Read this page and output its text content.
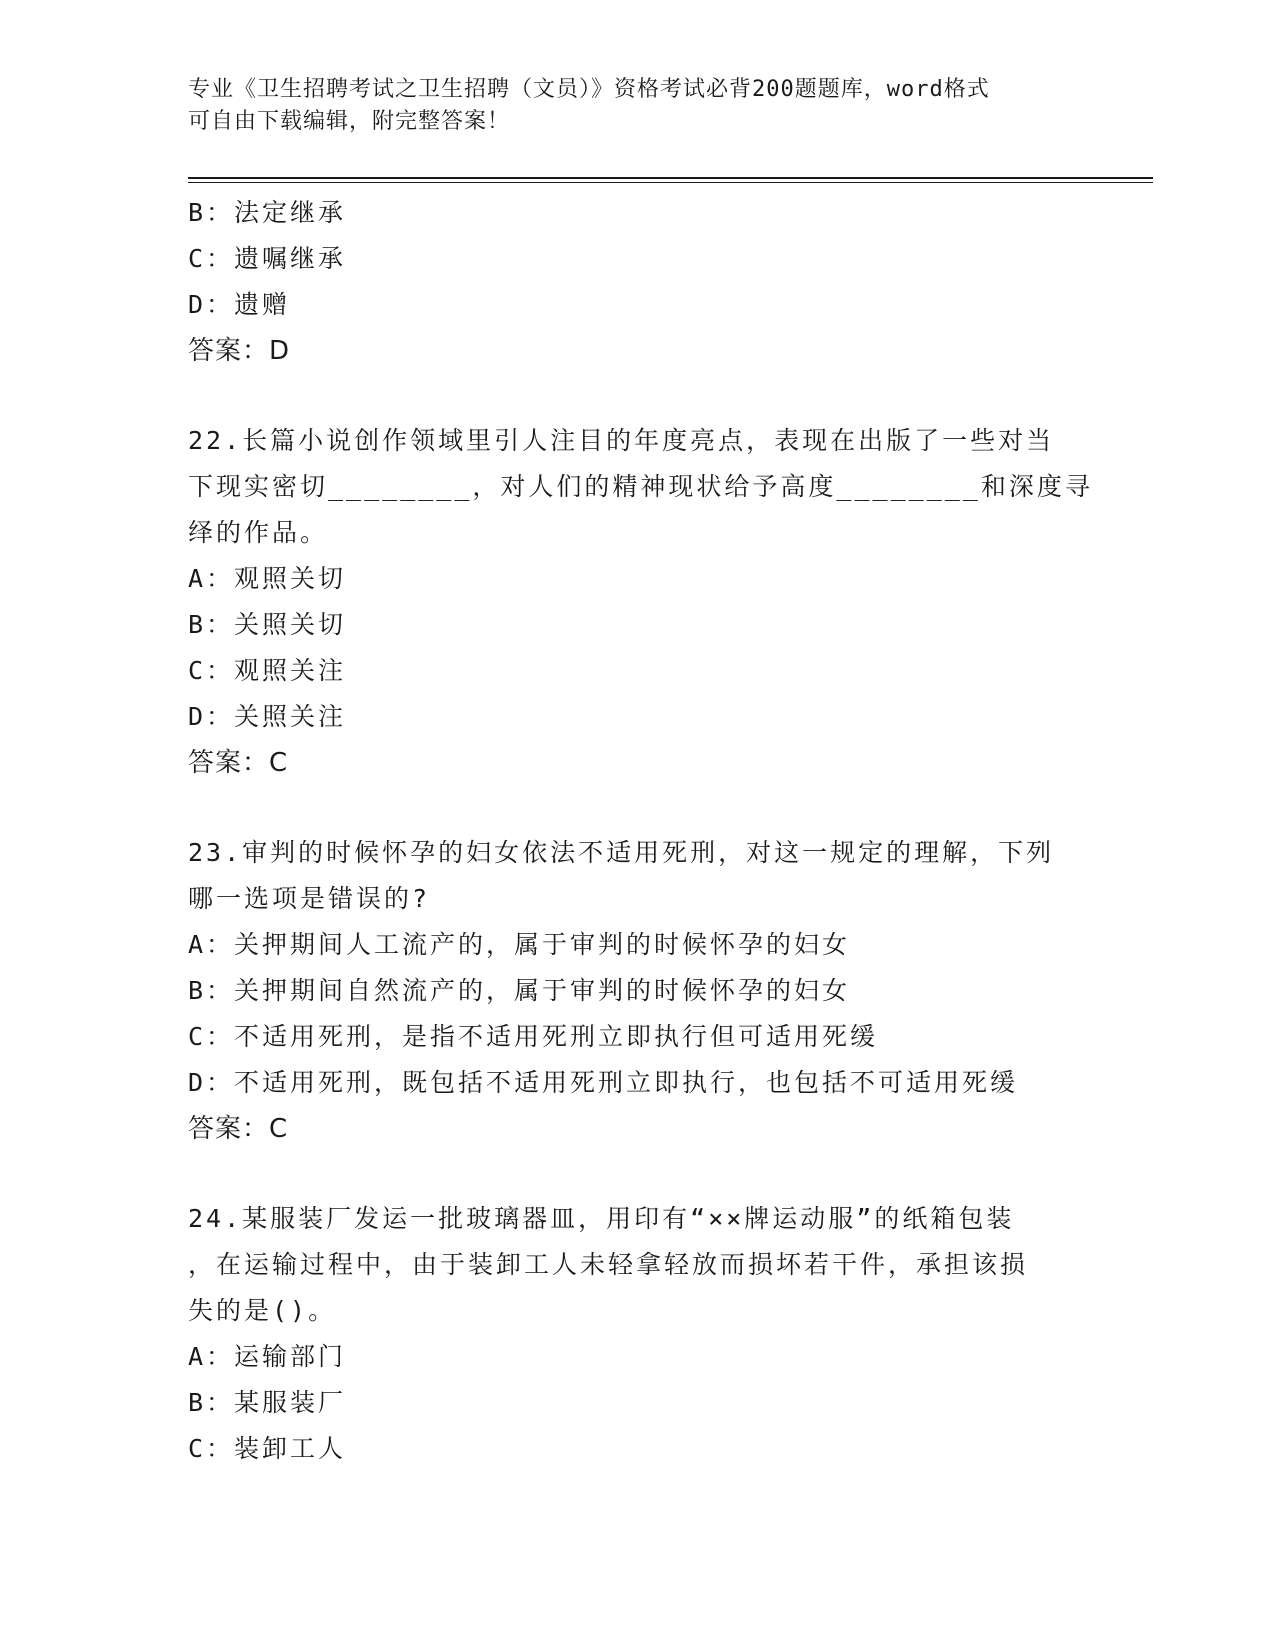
专业《卫生招聘考试之卫生招聘（文员）》资格考试必背200题题库，word格式
可自由下载编辑，附完整答案！
B：法定继承
C：遗嘱继承
D：遗赠
答案：D
22.长篇小说创作领域里引人注目的年度亮点，表现在出版了一些对当
下现实密切________，对人们的精神现状给予高度________和深度寻
绎的作品。
A：观照关切
B：关照关切
C：观照关注
D：关照关注
答案：C
23.审判的时候怀孕的妇女依法不适用死刑，对这一规定的理解，下列
哪一选项是错误的?
A：关押期间人工流产的，属于审判的时候怀孕的妇女
B：关押期间自然流产的，属于审判的时候怀孕的妇女
C：不适用死刑，是指不适用死刑立即执行但可适用死缓
D：不适用死刑，既包括不适用死刑立即执行，也包括不可适用死缓
答案：C
24.某服装厂发运一批玻璃器皿，用印有“××牌运动服”的纸箱包装
，在运输过程中，由于装卸工人未轻拿轻放而损坏若干件，承担该损
失的是()。
A：运输部门
B：某服装厂
C：装卸工人
